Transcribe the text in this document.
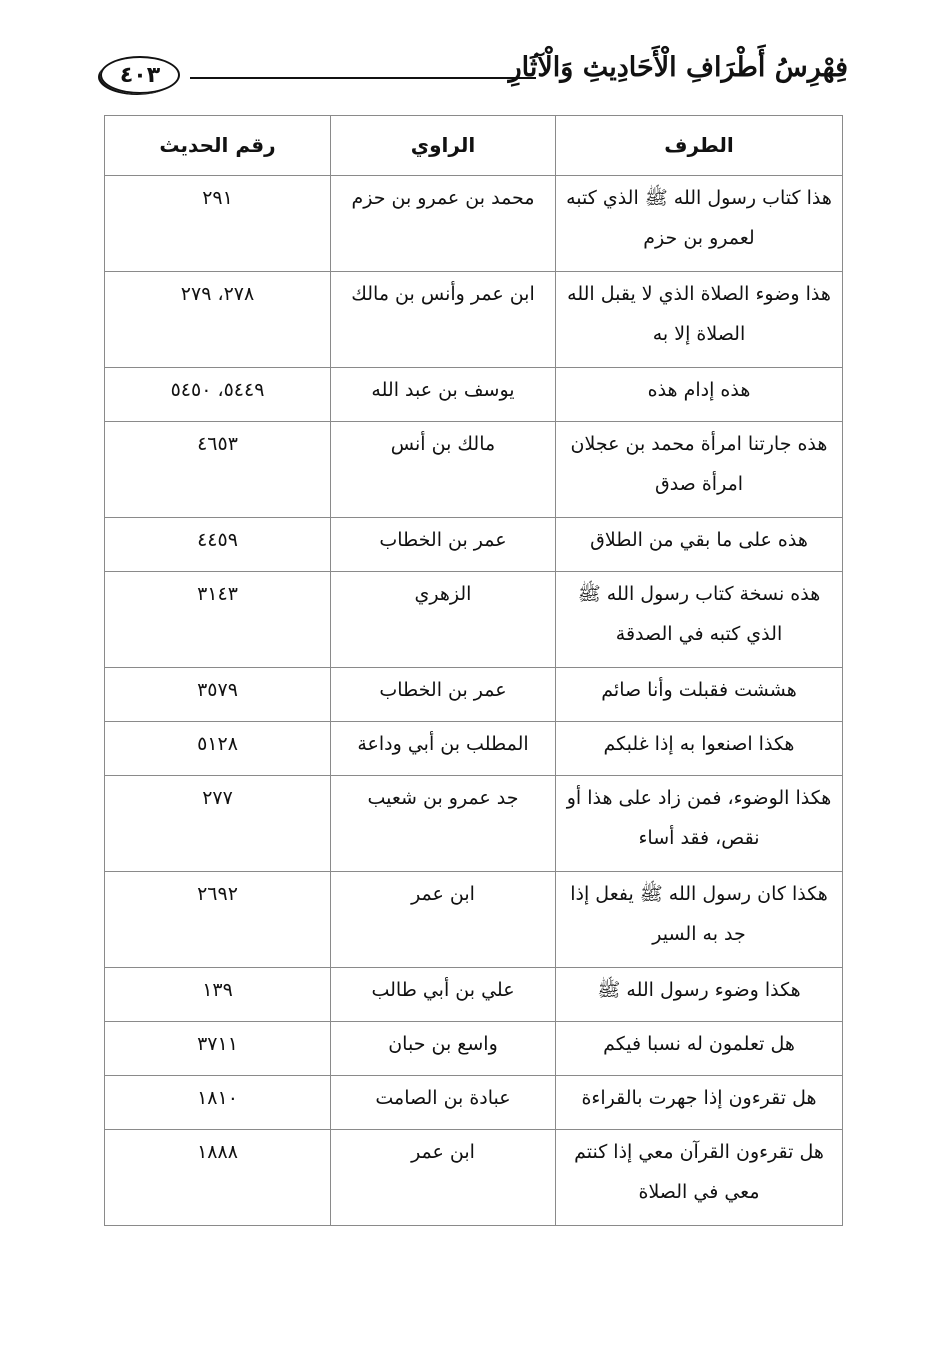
فِهْرِسُ أَطْرَافِ الْأَحَادِيثِ وَالْآثَارِ
٤٠٣
الطرف	الراوي	رقم الحديث
هذا كتاب رسول الله ﷺ الذي كتبه لعمرو بن حزم	محمد بن عمرو بن حزم	٢٩١
هذا وضوء الصلاة الذي لا يقبل الله الصلاة إلا به	ابن عمر وأنس بن مالك	٢٧٨، ٢٧٩
هذه إدام هذه	يوسف بن عبد الله	٥٤٤٩، ٥٤٥٠
هذه جارتنا امرأة محمد بن عجلان امرأة صدق	مالك بن أنس	٤٦٥٣
هذه على ما بقي من الطلاق	عمر بن الخطاب	٤٤٥٩
هذه نسخة كتاب رسول الله ﷺ الذي كتبه في الصدقة	الزهري	٣١٤٣
هششت فقبلت وأنا صائم	عمر بن الخطاب	٣٥٧٩
هكذا اصنعوا به إذا غلبكم	المطلب بن أبي وداعة	٥١٢٨
هكذا الوضوء، فمن زاد على هذا أو نقص، فقد أساء	جد عمرو بن شعيب	٢٧٧
هكذا كان رسول الله ﷺ يفعل إذا جد به السير	ابن عمر	٢٦٩٢
هكذا وضوء رسول الله ﷺ	علي بن أبي طالب	١٣٩
هل تعلمون له نسبا فيكم	واسع بن حبان	٣٧١١
هل تقرءون إذا جهرت بالقراءة	عبادة بن الصامت	١٨١٠
هل تقرءون القرآن معي إذا كنتم معي في الصلاة	ابن عمر	١٨٨٨
